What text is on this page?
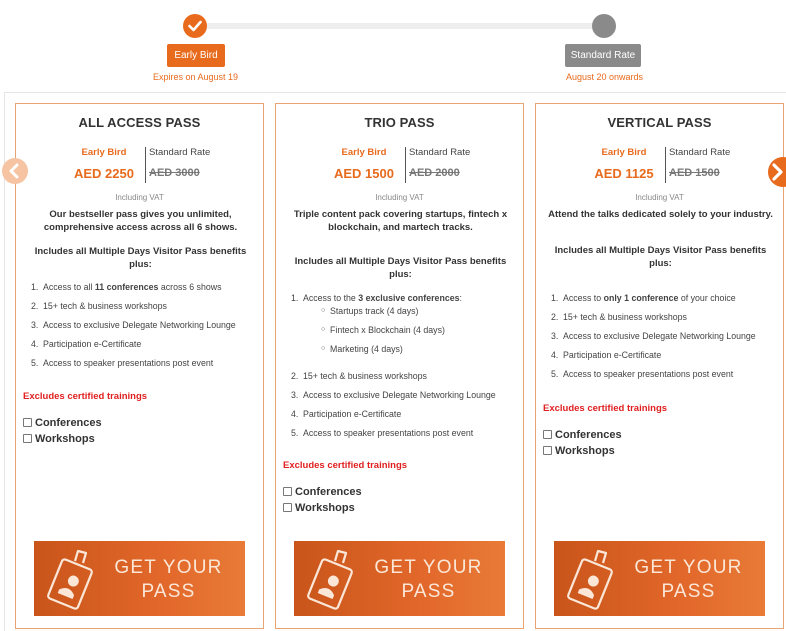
Early Bird	Standard Rate
Expires on August 19	August 20 onwards
ALL ACCESS PASS
Early Bird
AED 2250
Standard Rate
AED 3000
Including VAT
Our bestseller pass gives you unlimited, comprehensive access across all 6 shows.
Includes all Multiple Days Visitor Pass benefits plus:
1. Access to all 11 conferences across 6 shows
2. 15+ tech & business workshops
3. Access to exclusive Delegate Networking Lounge
4. Participation e-Certificate
5. Access to speaker presentations post event
Excludes certified trainings
Conferences
Workshops
GET YOUR PASS
TRIO PASS
Early Bird
AED 1500
Standard Rate
AED 2000
Including VAT
Triple content pack covering startups, fintech x blockchain, and martech tracks.
Includes all Multiple Days Visitor Pass benefits plus:
1. Access to the 3 exclusive conferences:
○ Startups track (4 days)
○ Fintech x Blockchain (4 days)
○ Marketing (4 days)
2. 15+ tech & business workshops
3. Access to exclusive Delegate Networking Lounge
4. Participation e-Certificate
5. Access to speaker presentations post event
Excludes certified trainings
Conferences
Workshops
GET YOUR PASS
VERTICAL PASS
Early Bird
AED 1125
Standard Rate
AED 1500
Including VAT
Attend the talks dedicated solely to your industry.
Includes all Multiple Days Visitor Pass benefits plus:
1. Access to only 1 conference of your choice
2. 15+ tech & business workshops
3. Access to exclusive Delegate Networking Lounge
4. Participation e-Certificate
5. Access to speaker presentations post event
Excludes certified trainings
Conferences
Workshops
GET YOUR PASS
